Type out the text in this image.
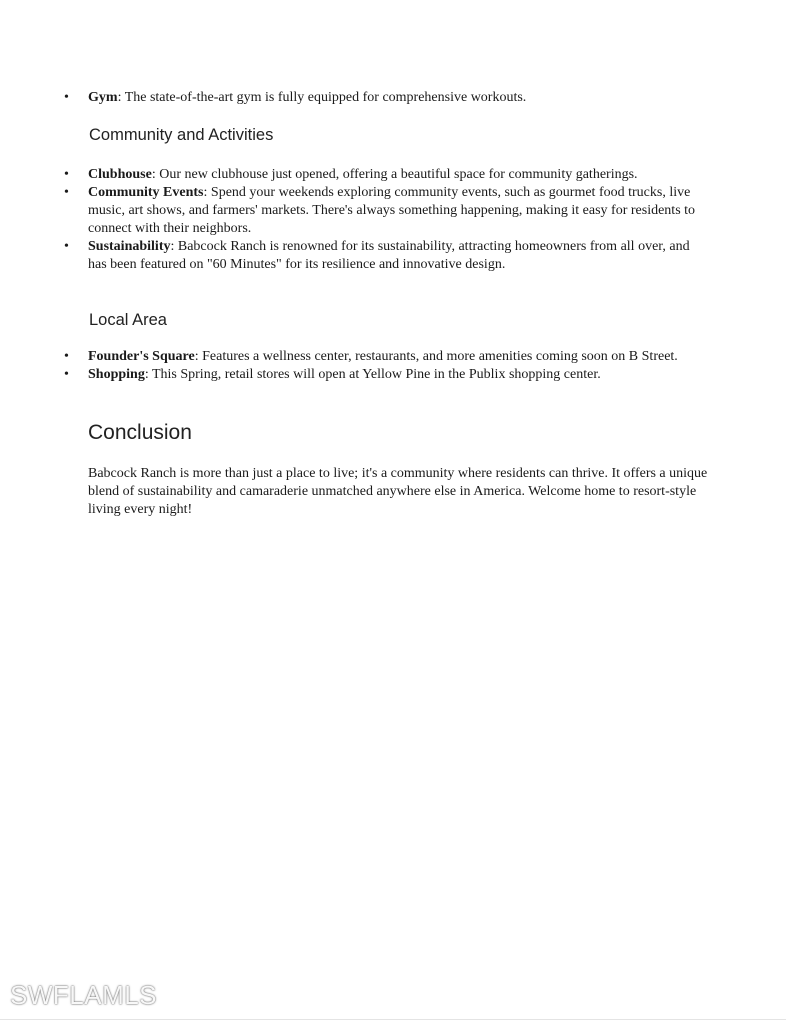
• Gym: The state-of-the-art gym is fully equipped for comprehensive workouts.
Community and Activities
• Clubhouse: Our new clubhouse just opened, offering a beautiful space for community gatherings.
• Community Events: Spend your weekends exploring community events, such as gourmet food trucks, live music, art shows, and farmers' markets. There's always something happening, making it easy for residents to connect with their neighbors.
• Sustainability: Babcock Ranch is renowned for its sustainability, attracting homeowners from all over, and has been featured on "60 Minutes" for its resilience and innovative design.
Local Area
• Founder's Square: Features a wellness center, restaurants, and more amenities coming soon on B Street.
• Shopping: This Spring, retail stores will open at Yellow Pine in the Publix shopping center.
Conclusion

Babcock Ranch is more than just a place to live; it's a community where residents can thrive. It offers a unique blend of sustainability and camaraderie unmatched anywhere else in America. Welcome home to resort-style living every night!

SWFLAMLS
